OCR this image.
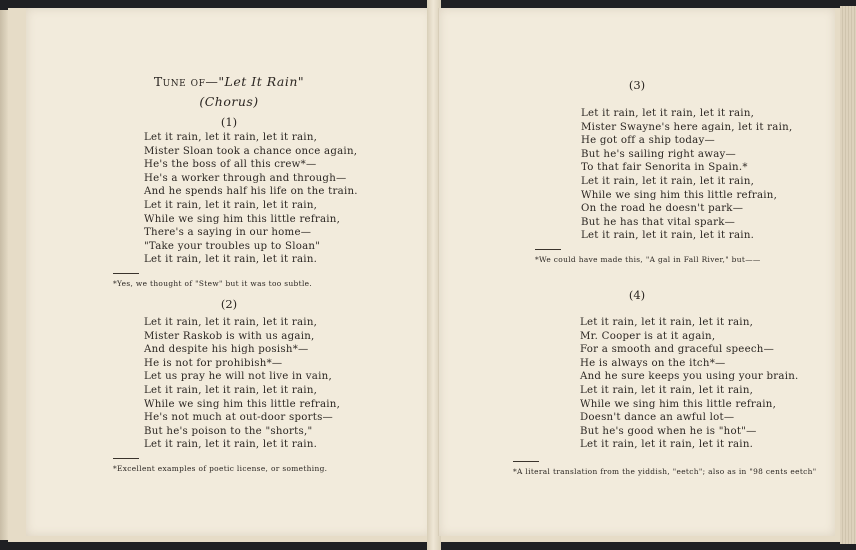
Tune of—"Let It Rain"
(Chorus)
(1)
Let it rain, let it rain, let it rain,
Mister Sloan took a chance once again,
He's the boss of all this crew*—
He's a worker through and through—
And he spends half his life on the train.
Let it rain, let it rain, let it rain,
While we sing him this little refrain,
There's a saying in our home—
"Take your troubles up to Sloan"
Let it rain, let it rain, let it rain.
*Yes, we thought of "Stew" but it was too subtle.
(2)
Let it rain, let it rain, let it rain,
Mister Raskob is with us again,
And despite his high posish*—
He is not for prohibish*—
Let us pray he will not live in vain,
Let it rain, let it rain, let it rain,
While we sing him this little refrain,
He's not much at out-door sports—
But he's poison to the "shorts,"
Let it rain, let it rain, let it rain.
*Excellent examples of poetic license, or something.
(3)
Let it rain, let it rain, let it rain,
Mister Swayne's here again, let it rain,
He got off a ship today—
But he's sailing right away—
To that fair Senorita in Spain.*
Let it rain, let it rain, let it rain,
While we sing him this little refrain,
On the road he doesn't park—
But he has that vital spark—
Let it rain, let it rain, let it rain.
*We could have made this, "A gal in Fall River," but——
(4)
Let it rain, let it rain, let it rain,
Mr. Cooper is at it again,
For a smooth and graceful speech—
He is always on the itch*—
And he sure keeps you using your brain.
Let it rain, let it rain, let it rain,
While we sing him this little refrain,
Doesn't dance an awful lot—
But he's good when he is "hot"—
Let it rain, let it rain, let it rain.
*A literal translation from the yiddish, "eetch"; also as in "98 cents eetch"
